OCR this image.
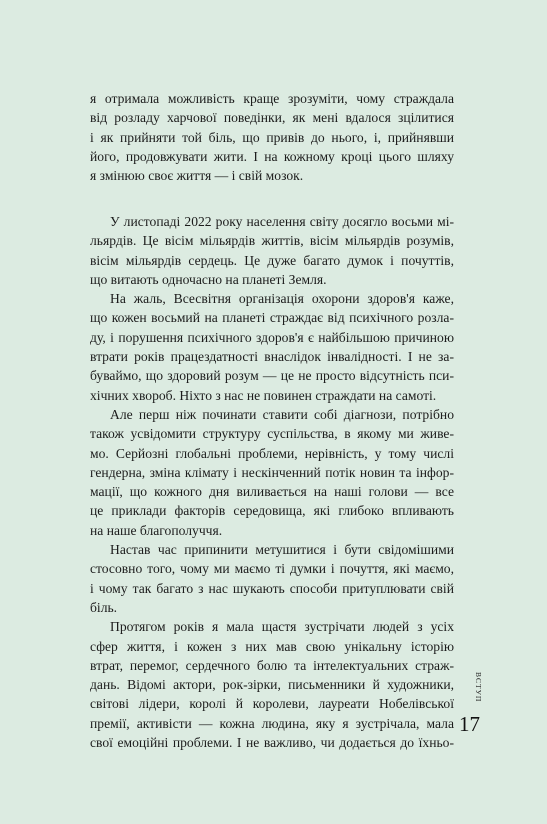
я отримала можливість краще зрозуміти, чому страждала
від розладу харчової поведінки, як мені вдалося зцілитися
і як прийняти той біль, що привів до нього, і, прийнявши
його, продовжувати жити. І на кожному кроці цього шляху
я змінюю своє життя — і свій мозок.
У листопаді 2022 року населення світу досягло восьми мі-
льярдів. Це вісім мільярдів життів, вісім мільярдів розумів,
вісім мільярдів сердець. Це дуже багато думок і почуттів,
що витають одночасно на планеті Земля.
На жаль, Всесвітня організація охорони здоров'я каже,
що кожен восьмий на планеті страждає від психічного розла-
ду, і порушення психічного здоров'я є найбільшою причиною
втрати років працездатності внаслідок інвалідності. І не за-
буваймо, що здоровий розум — це не просто відсутність пси-
хічних хвороб. Ніхто з нас не повинен страждати на самоті.
Але перш ніж починати ставити собі діагнози, потрібно
також усвідомити структуру суспільства, в якому ми живе-
мо. Серйозні глобальні проблеми, нерівність, у тому числі
гендерна, зміна клімату і нескінченний потік новин та інфор-
мації, що кожного дня виливається на наші голови — все
це приклади факторів середовища, які глибоко впливають
на наше благополуччя.
Настав час припинити метушитися і бути свідомішими
стосовно того, чому ми маємо ті думки і почуття, які маємо,
і чому так багато з нас шукають способи притуплювати свій
біль.
Протягом років я мала щастя зустрічати людей з усіх
сфер життя, і кожен з них мав свою унікальну історію
втрат, перемог, сердечного болю та інтелектуальних страж-
дань. Відомі актори, рок-зірки, письменники й художники,
світові лідери, королі й королеви, лауреати Нобелівської
премії, активісти — кожна людина, яку я зустрічала, мала
свої емоційні проблеми. І не важливо, чи додається до їхньо-
ВСТУП
17
